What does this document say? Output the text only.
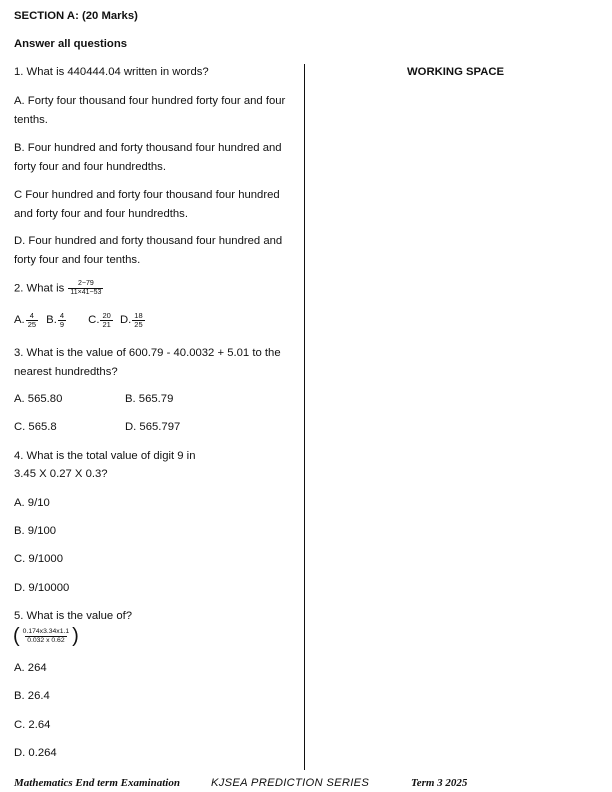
SECTION A: (20 Marks)
Answer all questions
WORKING SPACE
1. What is 440444.04 written in words?
A. Forty four thousand four hundred forty four and four tenths.
B. Four hundred and forty thousand four hundred and forty four and four hundredths.
C Four hundred and forty four thousand four hundred and forty four and four hundredths.
D. Four hundred and forty thousand four hundred and forty four and four tenths.
2. What is $\frac{2-79}{11\times 41-53}$
A. $\frac{4}{25} B$. $\frac{4}{9} C$. $\frac{20}{21} D$. $\frac{18}{25}$
3. What is the value of 600.79 - 40.0032 + 5.01 to the nearest hundredths?
A. 565.80	B. 565.79
C. 565.8	D. 565.797
4. What is the total value of digit 9 in
3.45 X 0.27 X 0.3?
A. 9/10
B. 9/100
C. 9/1000
D. 9/10000
5. What is the value of?
( $\frac{0.174x3.34x1.1}{0.032 x 0.62}$ )
A. 264
B. 26.4
C. 2.64
D. 0.264
Mathematics End term Examination	KJSEA PREDICTION SERIES	Term 3 2025
